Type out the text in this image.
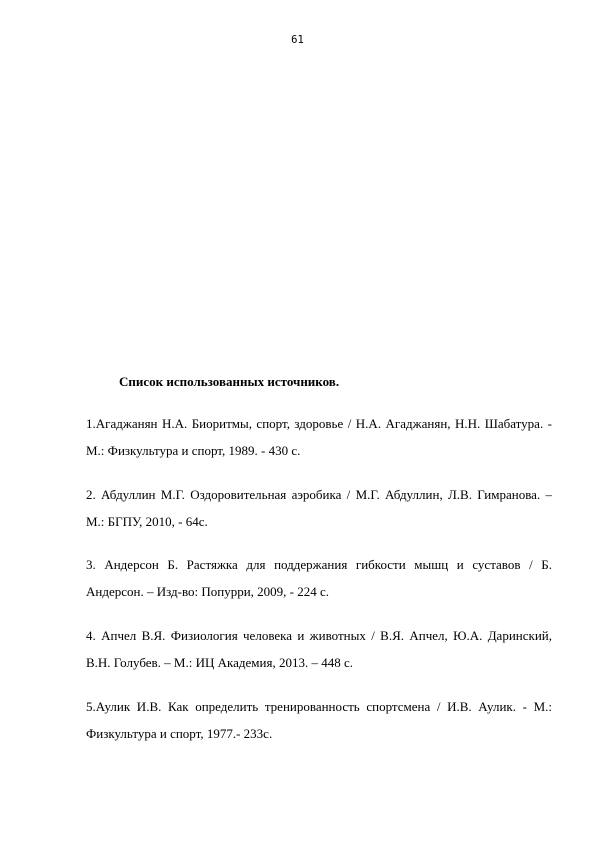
61
Список использованных источников.

1.Агаджанян Н.А. Биоритмы, спорт, здоровье / Н.А. Агаджанян, Н.Н. Шабатура. - М.: Физкультура и спорт, 1989. - 430 с.

2. Абдуллин М.Г. Оздоровительная аэробика / М.Г. Абдуллин, Л.В. Гимранова. – М.: БГПУ, 2010, - 64с.

3. Андерсон Б. Растяжка для поддержания гибкости мышц и суставов / Б. Андерсон. – Изд-во: Попурри, 2009, - 224 с.

4. Апчел В.Я. Физиология человека и животных / В.Я. Апчел, Ю.А. Даринский, В.Н. Голубев. – М.: ИЦ Академия, 2013. – 448 с.

5.Аулик И.В. Как определить тренированность спортсмена / И.В. Аулик. - М.: Физкультура и спорт, 1977.- 233с.
